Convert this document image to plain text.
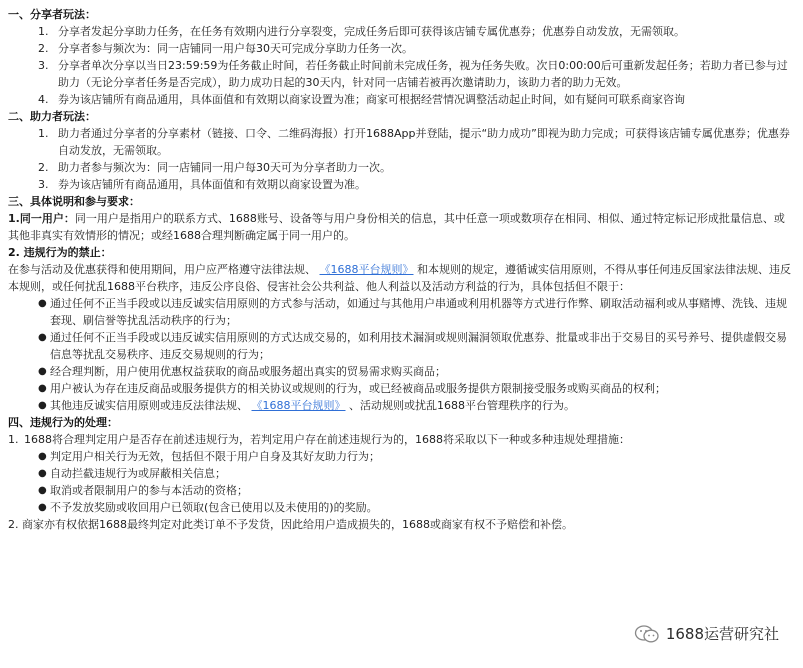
一、分享者玩法：
1. 分享者发起分享助力任务，在任务有效期内进行分享裂变，完成任务后即可获得该店铺专属优惠券；优惠券自动发放，无需领取。
2. 分享者参与频次为：同一店铺同一用户每30天可完成分享助力任务一次。
3. 分享者单次分享以当日23:59:59为任务截止时间，若任务截止时间前未完成任务，视为任务失败。次日0:00:00后可重新发起任务；若助力者已参与过助力（无论分享者任务是否完成），助力成功日起的30天内，针对同一店铺若被再次邀请助力，该助力者的助力无效。
4. 券为该店铺所有商品通用，具体面值和有效期以商家设置为准；商家可根据经营情况调整活动起止时间，如有疑问可联系商家咨询
二、助力者玩法：
1. 助力者通过分享者的分享素材（链接、口令、二维码海报）打开1688App并登陆，提示“助力成功”即视为助力完成；可获得该店铺专属优惠券；优惠券自动发放，无需领取。
2. 助力者参与频次为：同一店铺同一用户每30天可为分享者助力一次。
3. 券为该店铺所有商品通用，具体面值和有效期以商家设置为准。
三、具体说明和参与要求：
1.同一用户：同一用户是指用户的联系方式、1688账号、设备等与用户身份相关的信息，其中任意一项或数项存在相同、相似、通过特定标记形成批量信息、或其他非真实有效情形的情况；或经1688合理判断确定属于同一用户的。
2. 违规行为的禁止：
在参与活动及优惠获得和使用期间，用户应严格遵守法律法规、 《1688平台规则》 和本规则的规定，遵循诚实信用原则，不得从事任何违反国家法律法规、违反本规则，或任何扰乱1688平台秩序，违反公序良俗、侵害社会公共利益、他人利益以及活动方利益的行为，具体包括但不限于：
● 通过任何不正当手段或以违反诚实信用原则的方式参与活动，如通过与其他用户串通或利用机器等方式进行作弊、刷取活动福利或从事赌博、洗钱、违规套现、刷信誉等扰乱活动秩序的行为；
● 通过任何不正当手段或以违反诚实信用原则的方式达成交易的，如利用技术漏洞或规则漏洞领取优惠券、批量或非出于交易目的买号养号、提供虚假交易信息等扰乱交易秩序、违反交易规则的行为；
● 经合理判断，用户使用优惠权益获取的商品或服务超出真实的贸易需求购买商品；
● 用户被认为存在违反商品或服务提供方的相关协议或规则的行为，或已经被商品或服务提供方限制接受服务或购买商品的权利；
● 其他违反诚实信用原则或违反法律法规、 《1688平台规则》 、活动规则或扰乱1688平台管理秩序的行为。
四、违规行为的处理：
1. 1688将合理判定用户是否存在前述违规行为，若判定用户存在前述违规行为的，1688将采取以下一种或多种违规处理措施：
● 判定用户相关行为无效，包括但不限于用户自身及其好友助力行为；
● 自动拦截违规行为或屏蔽相关信息；
● 取消或者限制用户的参与本活动的资格；
● 不予发放奖励或收回用户已领取(包含已使用以及未使用的)的奖励。
2. 商家亦有权依据1688最终判定对此类订单不予发货，因此给用户造成损失的，1688或商家有权不予赔偿和补偿。
1688运营研究社
